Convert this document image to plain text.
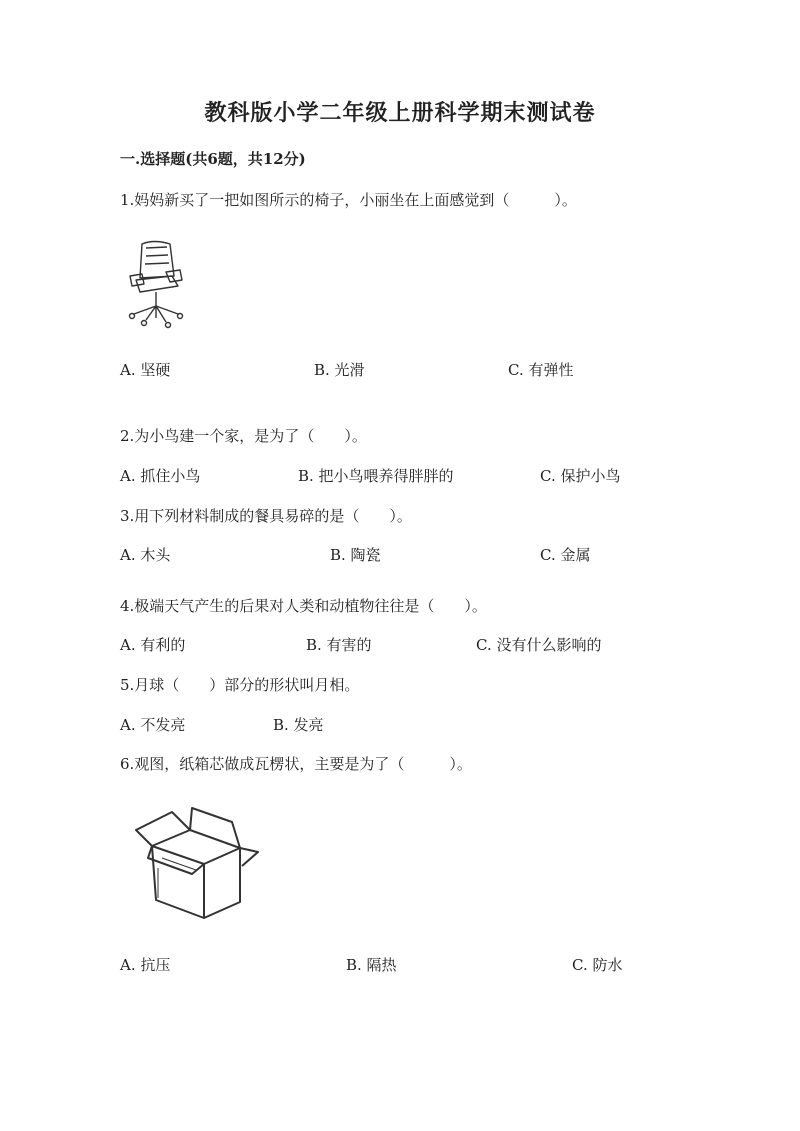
教科版小学二年级上册科学期末测试卷
一.选择题(共6题，共12分)
1.妈妈新买了一把如图所示的椅子，小丽坐在上面感觉到（　　　）。
A. 坚硬	B. 光滑	C. 有弹性
2.为小鸟建一个家，是为了（　　）。
A. 抓住小鸟	B. 把小鸟喂养得胖胖的	C. 保护小鸟
3.用下列材料制成的餐具易碎的是（　　）。
A. 木头	B. 陶瓷	C. 金属
4.极端天气产生的后果对人类和动植物往往是（　　）。
A. 有利的	B. 有害的	C. 没有什么影响的
5.月球（　　）部分的形状叫月相。
A. 不发亮	B. 发亮
6.观图，纸箱芯做成瓦楞状，主要是为了（　　　）。
A. 抗压	B. 隔热	C. 防水
